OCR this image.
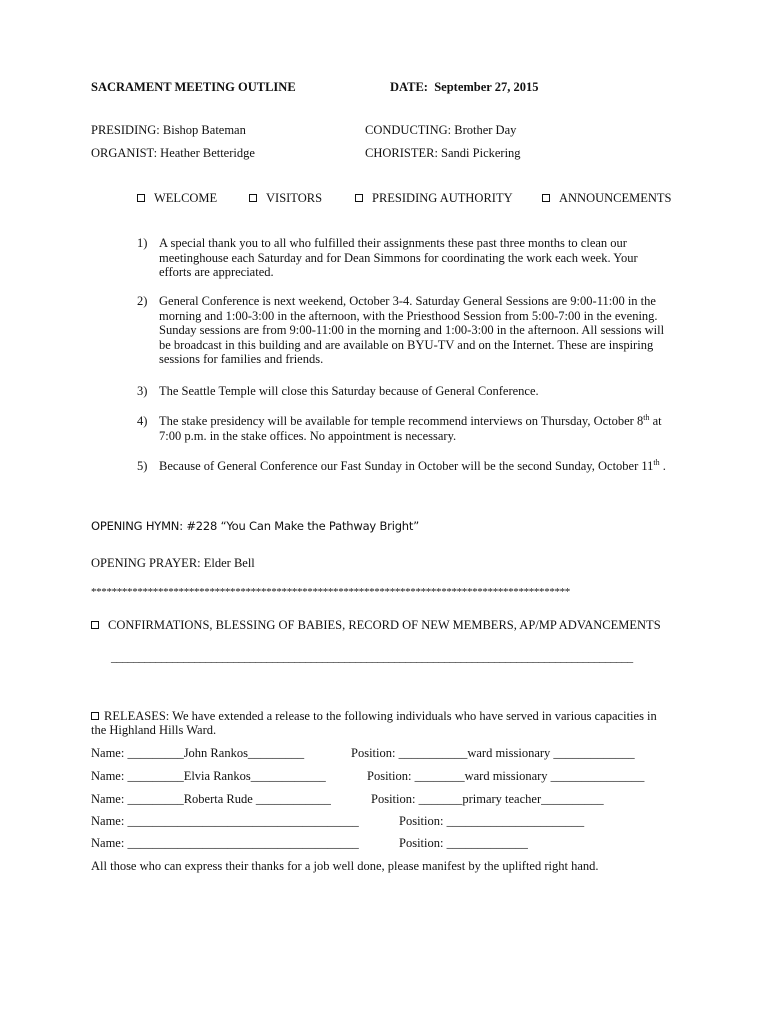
SACRAMENT MEETING OUTLINE	DATE: September 27, 2015
PRESIDING: Bishop Bateman	CONDUCTING: Brother Day
ORGANIST: Heather Betteridge	CHORISTER: Sandi Pickering
WELCOME	VISITORS	PRESIDING AUTHORITY	ANNOUNCEMENTS
1) A special thank you to all who fulfilled their assignments these past three months to clean our
meetinghouse each Saturday and for Dean Simmons for coordinating the work each week. Your
efforts are appreciated.
2) General Conference is next weekend, October 3-4. Saturday General Sessions are 9:00-11:00 in the
morning and 1:00-3:00 in the afternoon, with the Priesthood Session from 5:00-7:00 in the evening.
Sunday sessions are from 9:00-11:00 in the morning and 1:00-3:00 in the afternoon. All sessions will
be broadcast in this building and are available on BYU-TV and on the Internet. These are inspiring
sessions for families and friends.
3) The Seattle Temple will close this Saturday because of General Conference.
4) The stake presidency will be available for temple recommend interviews on Thursday, October 8th at
7:00 p.m. in the stake offices. No appointment is necessary.
5) Because of General Conference our Fast Sunday in October will be the second Sunday, October 11th .
OPENING HYMN: #228 “You Can Make the Pathway Bright”
OPENING PRAYER: Elder Bell
*********************************************************************************************
CONFIRMATIONS, BLESSING OF BABIES, RECORD OF NEW MEMBERS, AP/MP ADVANCEMENTS
______________________________________________________________________________________________
RELEASES: We have extended a release to the following individuals who have served in various capacities in
the Highland Hills Ward.
Name: _________John Rankos_________	Position: ___________ward missionary _____________
Name: _________Elvia Rankos____________	Position: ________ward missionary _______________
Name: _________Roberta Rude ____________	Position: _______primary teacher__________
Name: _____________________________________	Position: ______________________
Name: _____________________________________	Position: _____________
All those who can express their thanks for a job well done, please manifest by the uplifted right hand.
